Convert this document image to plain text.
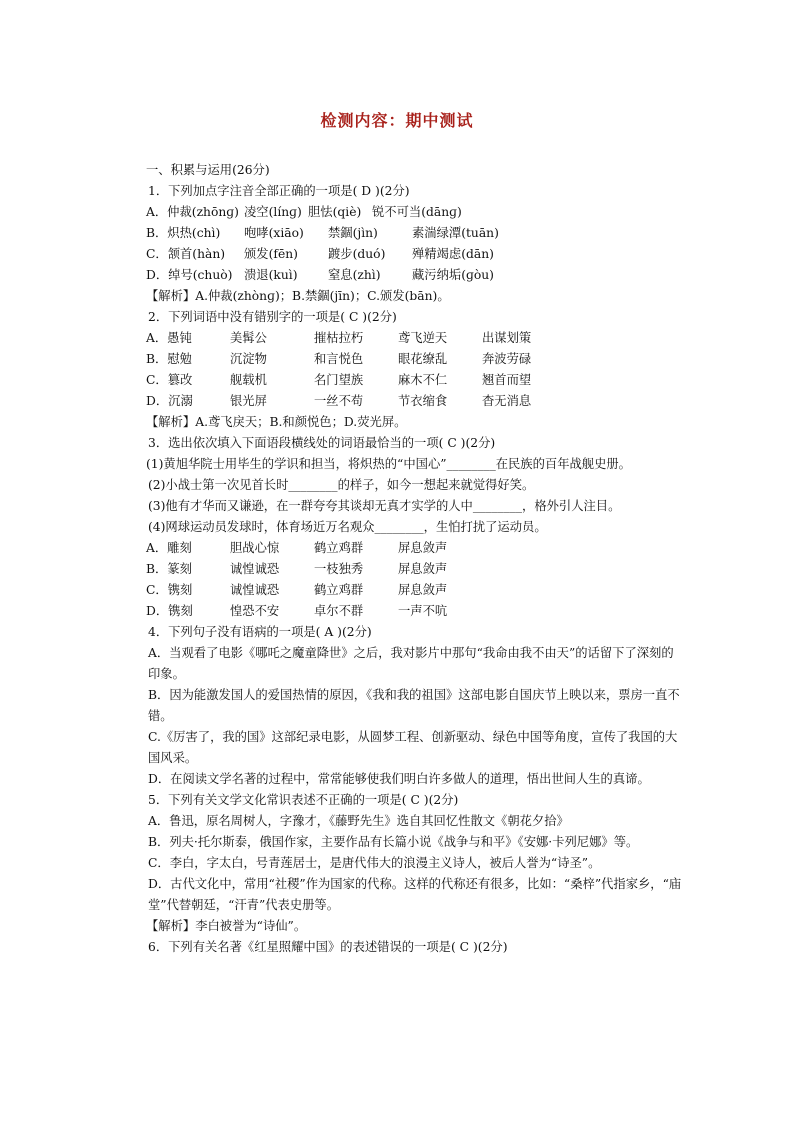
检测内容：期中测试
一、积累与运用(26分)
1．下列加点字注音全部正确的一项是( D )(2分)
A．仲裁(zhōnɡ) 凌空(línɡ) 胆怯(qiè) 锐不可当(dānɡ)
B．炽热(chì) 咆哮(xiāo) 禁錮(jìn)	素湍绿潭(tuān)
C．颔首(hàn) 颁发(fēn) 踱步(duó) 殚精竭虑(dān)
D．绰号(chuò) 溃退(kuì) 窒息(zhì)	藏污纳垢(ɡòu)
【解析】A.仲裁(zhònɡ)；B.禁錮(jīn)；C.颁发(bān)。
2．下列词语中没有错别字的一项是( C )(2分)
A．愚钝	美髯公	摧枯拉朽	鸢飞逆天	出谋划策
B．慰勉	沉淀物	和言悦色	眼花缭乱	奔波劳碌
C．篡改	舰载机	名门望族	麻木不仁	翘首而望
D．沉溺	银光屏	一丝不苟	节衣缩食	杳无消息
【解析】A.鸢飞戾天；B.和颜悦色；D.荧光屏。
3．选出依次填入下面语段横线处的词语最恰当的一项( C )(2分)
(1)黄旭华院士用毕生的学识和担当，将炽热的“中国心”________在民族的百年战舰史册。
(2)小战士第一次见首长时________的样子，如今一想起来就觉得好笑。
(3)他有才华而又谦逊，在一群夸夸其谈却无真才实学的人中________，格外引人注目。
(4)网球运动员发球时，体育场近万名观众________，生怕打扰了运动员。
A．雕刻	胆战心惊	鹤立鸡群	屏息敛声
B．篆刻	诚惶诚恐	一枝独秀	屏息敛声
C．镌刻	诚惶诚恐	鹤立鸡群	屏息敛声
D．镌刻	惶恐不安	卓尔不群	一声不吭
4．下列句子没有语病的一项是( A )(2分)
A．当观看了电影《哪吒之魔童降世》之后，我对影片中那句“我命由我不由天”的话留下了深刻的印象。
B．因为能激发国人的爱国热情的原因，《我和我的祖国》这部电影自国庆节上映以来，票房一直不错。
C.《厉害了，我的国》这部纪录电影，从圆梦工程、创新驱动、绿色中国等角度，宣传了我国的大国风采。
D．在阅读文学名著的过程中，常常能够使我们明白许多做人的道理，悟出世间人生的真谛。
5．下列有关文学文化常识表述不正确的一项是( C )(2分)
A．鲁迅，原名周树人，字豫才，《藤野先生》选自其回忆性散文《朝花夕拾》
B．列夫·托尔斯泰，俄国作家，主要作品有长篇小说《战争与和平》《安娜·卡列尼娜》等。
C．李白，字太白，号青莲居士，是唐代伟大的浪漫主义诗人，被后人誉为“诗圣”。
D．古代文化中，常用“社稷”作为国家的代称。这样的代称还有很多，比如：“桑梓”代指家乡，“庙堂”代替朝廷，“汗青”代表史册等。
【解析】李白被誉为“诗仙”。
6．下列有关名著《红星照耀中国》的表述错误的一项是( C )(2分)
